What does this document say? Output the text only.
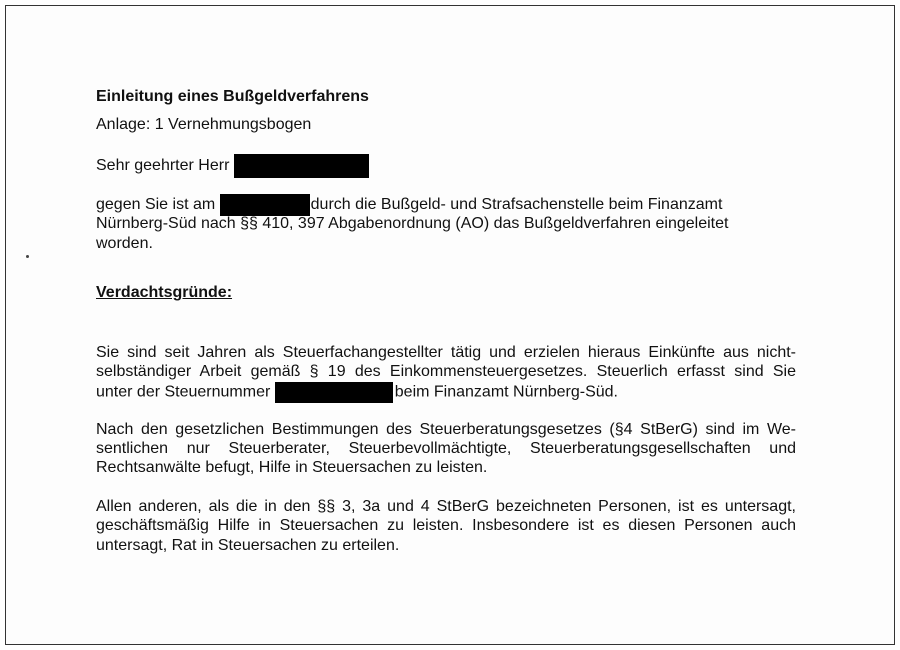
Einleitung eines Bußgeldverfahrens
Anlage: 1 Vernehmungsbogen
Sehr geehrter Herr
gegen Sie ist am	durch die Bußgeld- und Strafsachenstelle beim Finanzamt
Nürnberg-Süd nach §§ 410, 397 Abgabenordnung (AO) das Bußgeldverfahren eingeleitet
worden.
Verdachtsgründe:
Sie sind seit Jahren als Steuerfachangestellter tätig und erzielen hieraus Einkünfte aus nicht-
selbständiger Arbeit gemäß § 19 des Einkommensteuergesetzes. Steuerlich erfasst sind Sie
unter der Steuernummer	beim Finanzamt Nürnberg-Süd.
Nach den gesetzlichen Bestimmungen des Steuerberatungsgesetzes (§4 StBerG) sind im We-
sentlichen nur Steuerberater, Steuerbevollmächtigte, Steuerberatungsgesellschaften und
Rechtsanwälte befugt, Hilfe in Steuersachen zu leisten.
Allen anderen, als die in den §§ 3, 3a und 4 StBerG bezeichneten Personen, ist es untersagt,
geschäftsmäßig Hilfe in Steuersachen zu leisten. Insbesondere ist es diesen Personen auch
untersagt, Rat in Steuersachen zu erteilen.
